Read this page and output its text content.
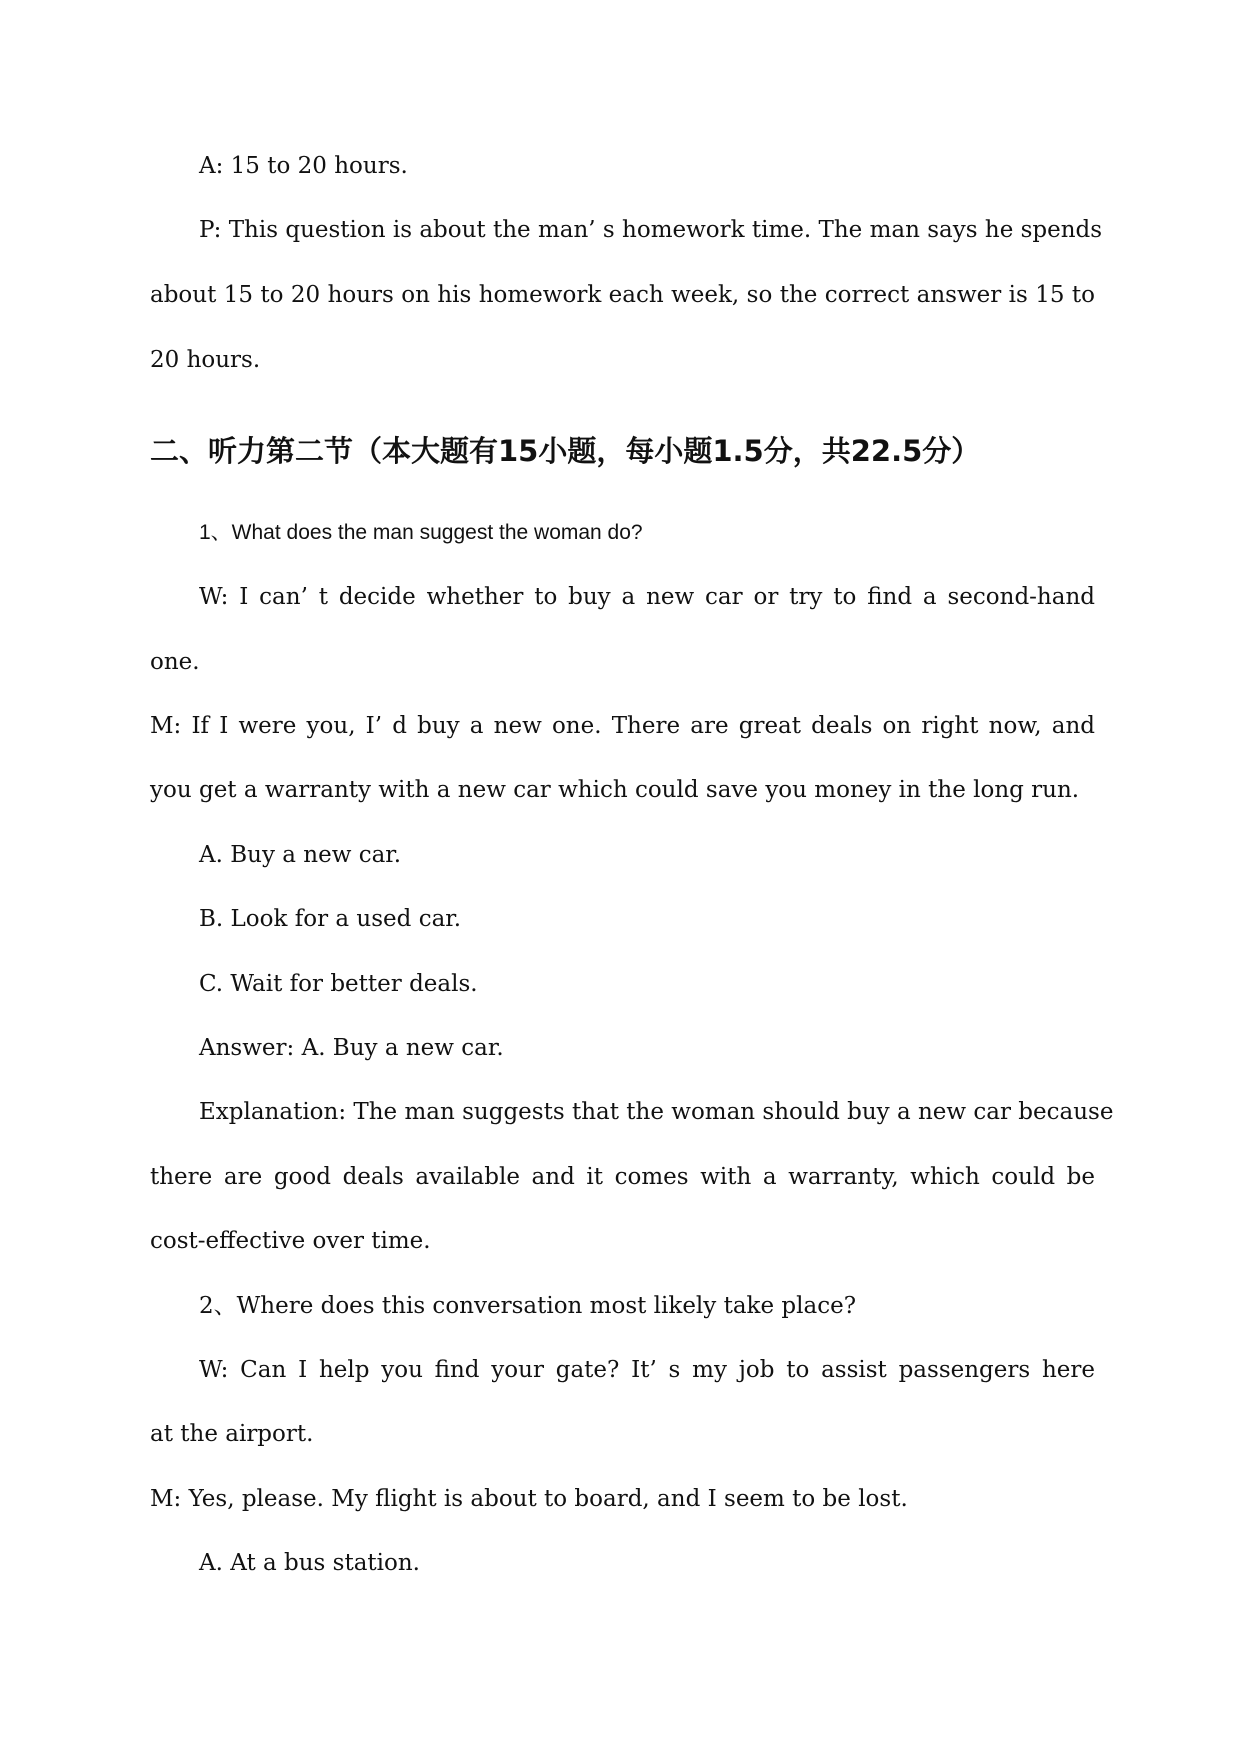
A: 15 to 20 hours.

P: This question is about the man’ s homework time. The man says he spends

about 15 to 20 hours on his homework each week, so the correct answer is 15 to

20 hours.

二、听力第二节（本大题有15小题，每小题1.5分，共22.5分）

1、What does the man suggest the woman do?

W: I can’ t decide whether to buy a new car or try to find a second-hand

one.

M: If I were you, I’ d buy a new one. There are great deals on right now, and

you get a warranty with a new car which could save you money in the long run.

A. Buy a new car.

B. Look for a used car.

C. Wait for better deals.

Answer: A. Buy a new car.

Explanation: The man suggests that the woman should buy a new car because

there are good deals available and it comes with a warranty, which could be

cost-effective over time.

2、Where does this conversation most likely take place?

W: Can I help you find your gate? It’ s my job to assist passengers here

at the airport.

M: Yes, please. My flight is about to board, and I seem to be lost.

A. At a bus station.
